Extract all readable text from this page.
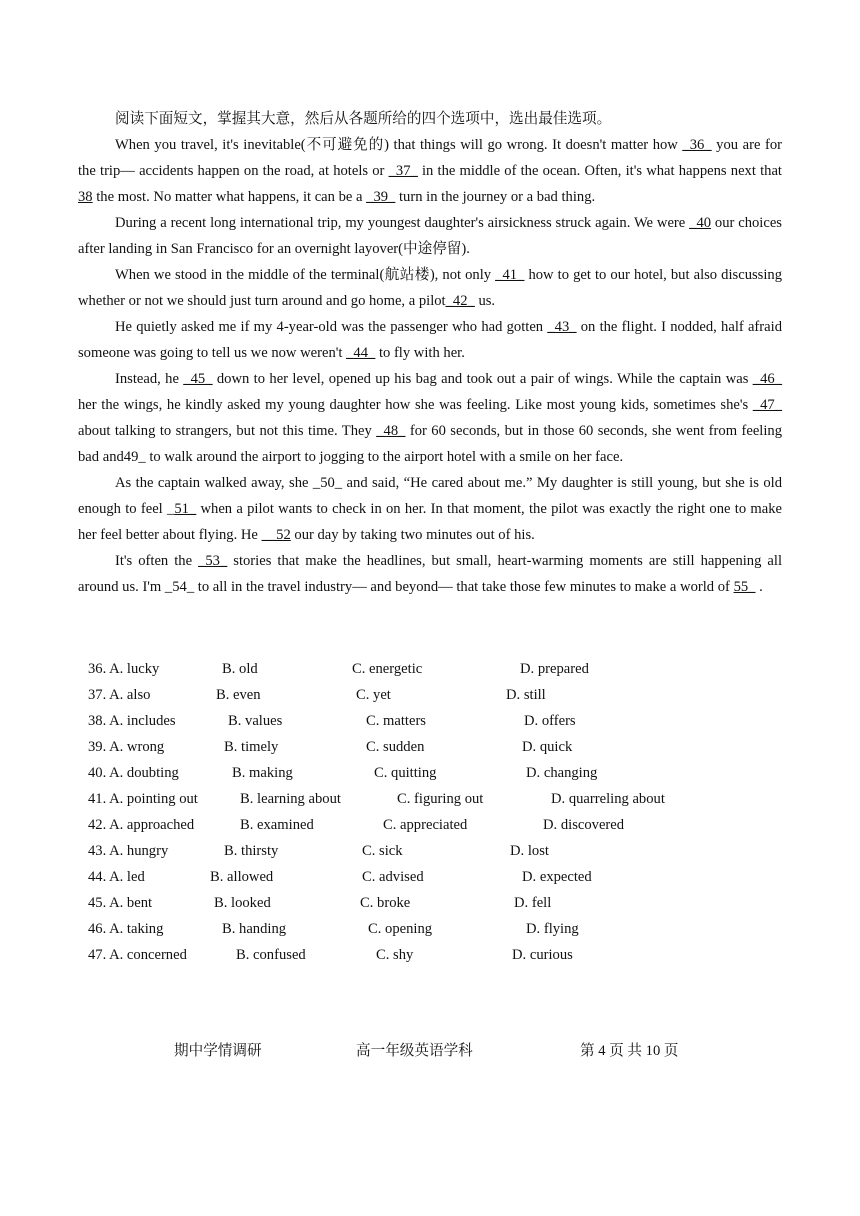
阅读下面短文，掌握其大意，然后从各题所给的四个选项中，选出最佳选项。

When you travel, it's inevitable(不可避免的) that things will go wrong. It doesn't matter how _36_ you are for the trip— accidents happen on the road, at hotels or _37_ in the middle of the ocean. Often, it's what happens next that 38 the most. No matter what happens, it can be a _39_ turn in the journey or a bad thing.

During a recent long international trip, my youngest daughter's airsickness struck again. We were _40 our choices after landing in San Francisco for an overnight layover(中途停留).

When we stood in the middle of the terminal(航站楼), not only _41_ how to get to our hotel, but also discussing whether or not we should just turn around and go home, a pilot_42_ us.

He quietly asked me if my 4-year-old was the passenger who had gotten _43_ on the flight. I nodded, half afraid someone was going to tell us we now weren't _44_ to fly with her.

Instead, he _45_ down to her level, opened up his bag and took out a pair of wings. While the captain was _46_ her the wings, he kindly asked my young daughter how she was feeling. Like most young kids, sometimes she's _47_ about talking to strangers, but not this time. They _48_ for 60 seconds, but in those 60 seconds, she went from feeling bad and49_ to walk around the airport to jogging to the airport hotel with a smile on her face.

As the captain walked away, she _50_ and said, “He cared about me.” My daughter is still young, but she is old enough to feel _51_ when a pilot wants to check in on her. In that moment, the pilot was exactly the right one to make her feel better about flying. He __52 our day by taking two minutes out of his.

It's often the _53_ stories that make the headlines, but small, heart-warming moments are still happening all around us. I'm _54_ to all in the travel industry— and beyond— that take those few minutes to make a world of 55_ .

36. A. lucky	B. old	C. energetic	D. prepared
37. A. also	B. even	C. yet	D. still
38. A. includes	B. values	C. matters	D. offers
39. A. wrong	B. timely	C. sudden	D. quick
40. A. doubting	B. making	C. quitting	D. changing
41. A. pointing out	B. learning about	C. figuring out	D. quarreling about
42. A. approached	B. examined	C. appreciated	D. discovered
43. A. hungry	B. thirsty	C. sick	D. lost
44. A. led	B. allowed	C. advised	D. expected
45. A. bent	B. looked	C. broke	D. fell
46. A. taking	B. handing	C. opening	D. flying
47. A. concerned	B. confused	C. shy	D. curious
期中学情调研	高一年级英语学科	第 4 页 共 10 页
